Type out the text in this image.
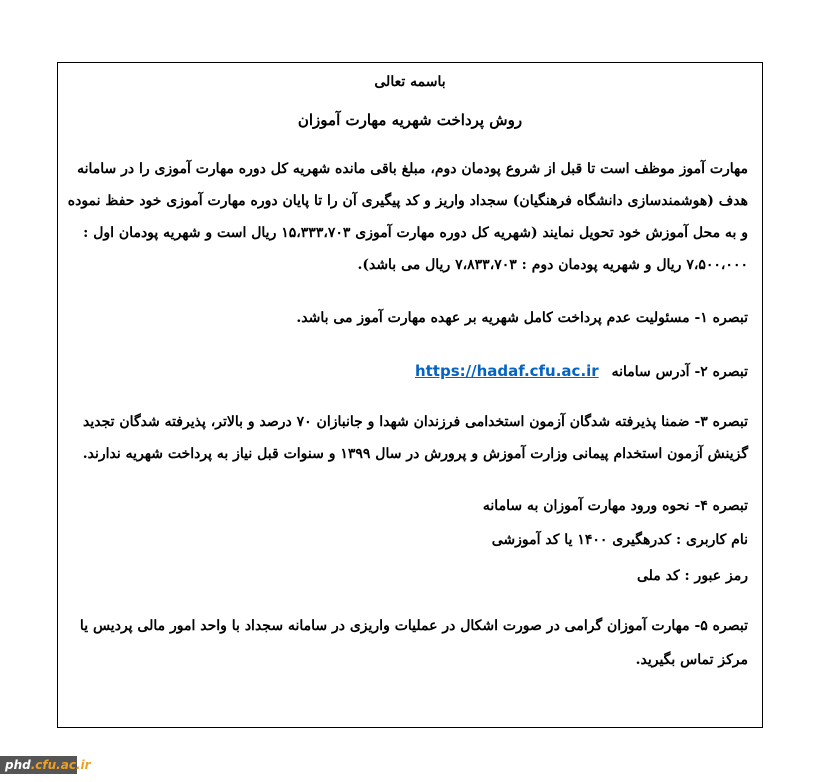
باسمه تعالی
روش پرداخت شهریه مهارت آموزان
مهارت آموز موظف است تا قبل از شروع پودمان دوم، مبلغ باقی مانده شهریه کل دوره مهارت آموزی را در سامانه
هدف (هوشمندسازی دانشگاه فرهنگیان) سجداد واریز و کد پیگیری آن را تا پایان دوره مهارت آموزی خود حفظ نموده
و به محل آموزش خود تحویل نمایند (شهریه کل دوره مهارت آموزی ۱۵،۳۳۳،۷۰۳ ریال است و شهریه پودمان اول :
۷،۵۰۰،۰۰۰ ریال و شهریه پودمان دوم : ۷،۸۳۳،۷۰۳ ریال می باشد).
تبصره ۱- مسئولیت عدم پرداخت کامل شهریه بر عهده مهارت آموز می باشد.
تبصره ۲- آدرس سامانه https://hadaf.cfu.ac.ir
تبصره ۳- ضمنا پذیرفته شدگان آزمون استخدامی فرزندان شهدا و جانبازان ۷۰ درصد و بالاتر، پذیرفته شدگان تجدید
گزینش آزمون استخدام پیمانی وزارت آموزش و پرورش در سال ۱۳۹۹ و سنوات قبل نیاز به پرداخت شهریه ندارند.
تبصره ۴- نحوه ورود مهارت آموزان به سامانه
نام کاربری : کدرهگیری ۱۴۰۰ یا کد آموزشی
رمز عبور : کد ملی
تبصره ۵- مهارت آموزان گرامی در صورت اشکال در عملیات واریزی در سامانه سجداد با واحد امور مالی پردیس یا
مرکز تماس بگیرید.
phd.cfu.ac.ir
